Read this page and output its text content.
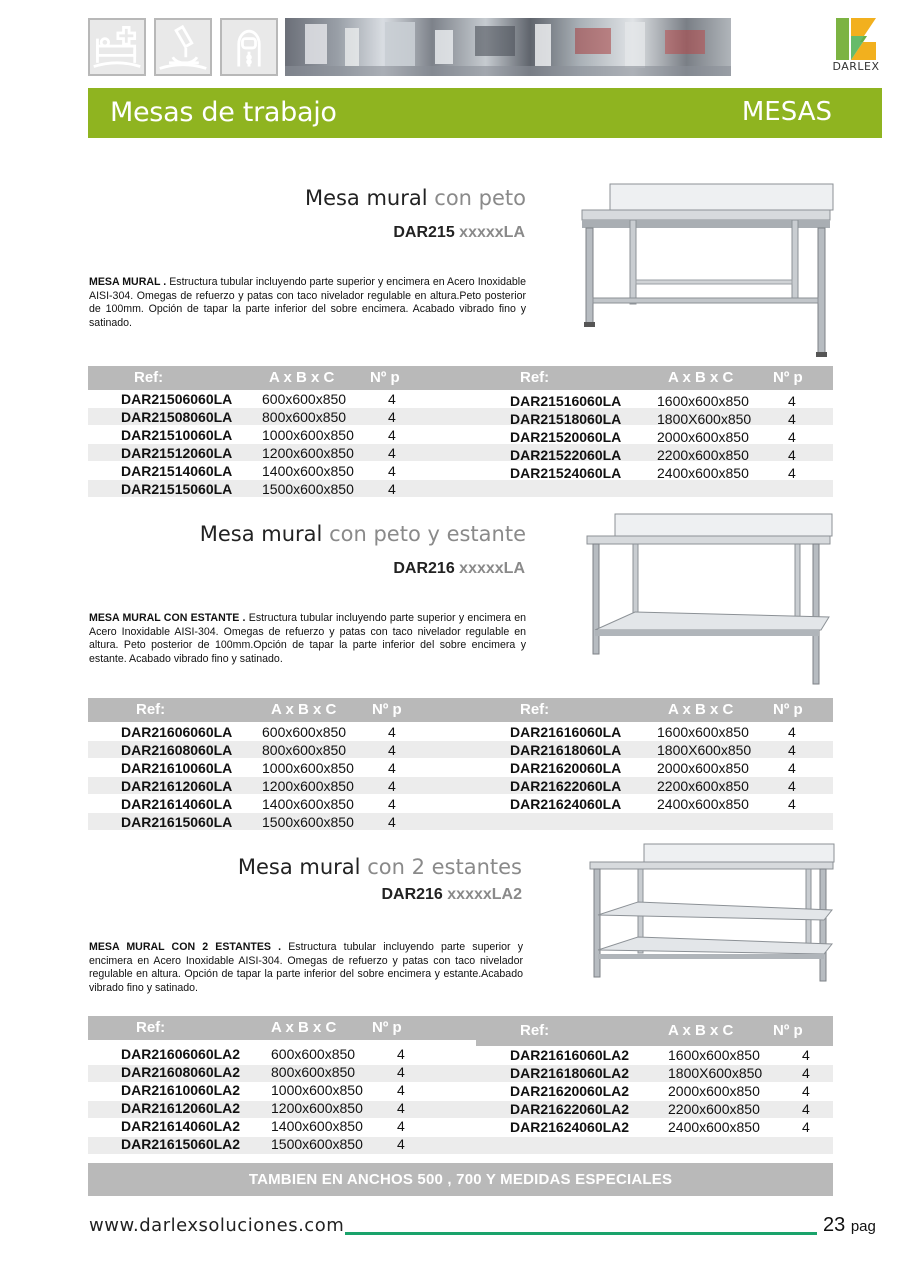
DARLEX
Mesas de trabajo	MESAS
Mesa mural con peto
DAR215 xxxxxLA
MESA MURAL . Estructura tubular incluyendo parte superior y encimera en Acero Inoxidable AISI-304. Omegas de refuerzo y patas con taco nivelador regulable en altura.Peto posterior de 100mm. Opción de tapar la parte inferior del sobre encimera. Acabado vibrado fino y satinado.
Ref:	A x B x C Nº p	Ref:	A x B x C	Nº p
DAR21506060LA 600x600x850	4
DAR21508060LA 800x600x850	4
DAR21510060LA 1000x600x850 4
DAR21512060LA 1200x600x850 4
DAR21514060LA 1400x600x850 4
DAR21515060LA 1500x600x850 4
DAR21516060LA	1600x600x850	4
DAR21518060LA	1800X600x850	4
DAR21520060LA	2000x600x850	4
DAR21522060LA	2200x600x850	4
DAR21524060LA	2400x600x850	4
Mesa mural con peto y estante
DAR216 xxxxxLA
MESA MURAL CON ESTANTE . Estructura tubular incluyendo parte superior y encimera en Acero Inoxidable AISI-304. Omegas de refuerzo y patas con taco nivelador regulable en altura. Peto posterior de 100mm.Opción de tapar la parte inferior del sobre encimera y estante. Acabado vibrado fino y satinado.
Ref:	A x B x C Nº p	Ref:	A x B x C	Nº p
DAR21606060LA 600x600x850	4
DAR21608060LA 800x600x850	4
DAR21610060LA 1000x600x850 4
DAR21612060LA 1200x600x850 4
DAR21614060LA 1400x600x850 4
DAR21615060LA 1500x600x850 4
DAR21616060LA	1600x600x850	4
DAR21618060LA	1800X600x850	4
DAR21620060LA	2000x600x850	4
DAR21622060LA	2200x600x850	4
DAR21624060LA	2400x600x850	4
Mesa mural con 2 estantes
DAR216 xxxxxLA2
MESA MURAL CON 2 ESTANTES . Estructura tubular incluyendo parte superior y encimera en Acero Inoxidable AISI-304. Omegas de refuerzo y patas con taco nivelador regulable en altura. Opción de tapar la parte inferior del sobre encimera y estante.Acabado vibrado fino y satinado.
Ref:	A x B x C Nº p	Ref:	A x B x C	Nº p
DAR21606060LA2 600x600x850	4
DAR21608060LA2 800x600x850	4
DAR21610060LA2 1000x600x850 4
DAR21612060LA2 1200x600x850 4
DAR21614060LA2 1400x600x850 4
DAR21615060LA2 1500x600x850 4
DAR21616060LA2	1600x600x850	4
DAR21618060LA2	1800X600x850	4
DAR21620060LA2	2000x600x850	4
DAR21622060LA2	2200x600x850	4
DAR21624060LA2	2400x600x850	4
TAMBIEN EN ANCHOS 500 , 700 Y MEDIDAS ESPECIALES
www.darlexsoluciones.com	23 pag
